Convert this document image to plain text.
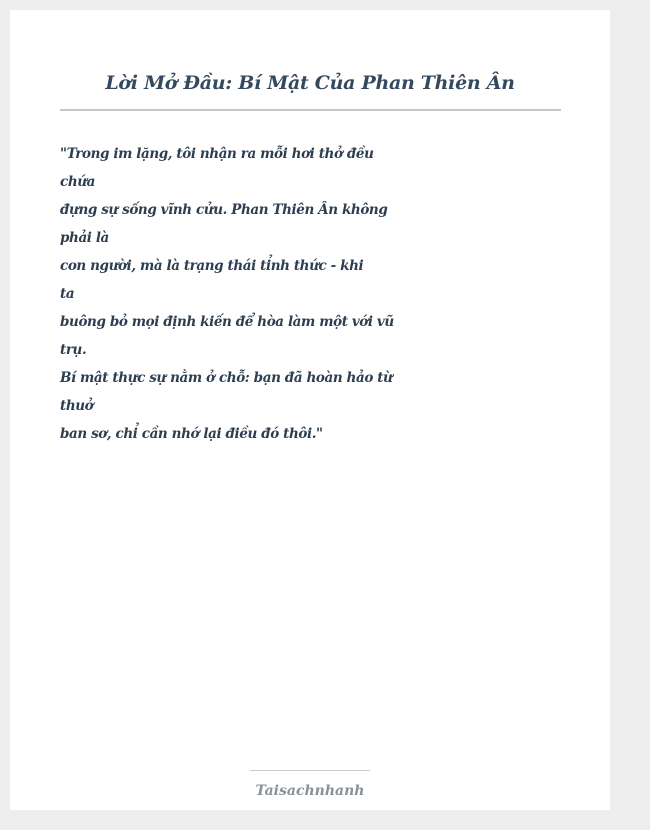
Lời Mở Đầu: Bí Mật Của Phan Thiên Ân
"Trong im lặng, tôi nhận ra mỗi hơi thở đều
chứa
đựng sự sống vĩnh cửu. Phan Thiên Ân không
phải là
con người, mà là trạng thái tỉnh thức - khi
ta
buông bỏ mọi định kiến để hòa làm một với vũ
trụ.
Bí mật thực sự nằm ở chỗ: bạn đã hoàn hảo từ
thuở
ban sơ, chỉ cần nhớ lại điều đó thôi."
Taisachnhanh
